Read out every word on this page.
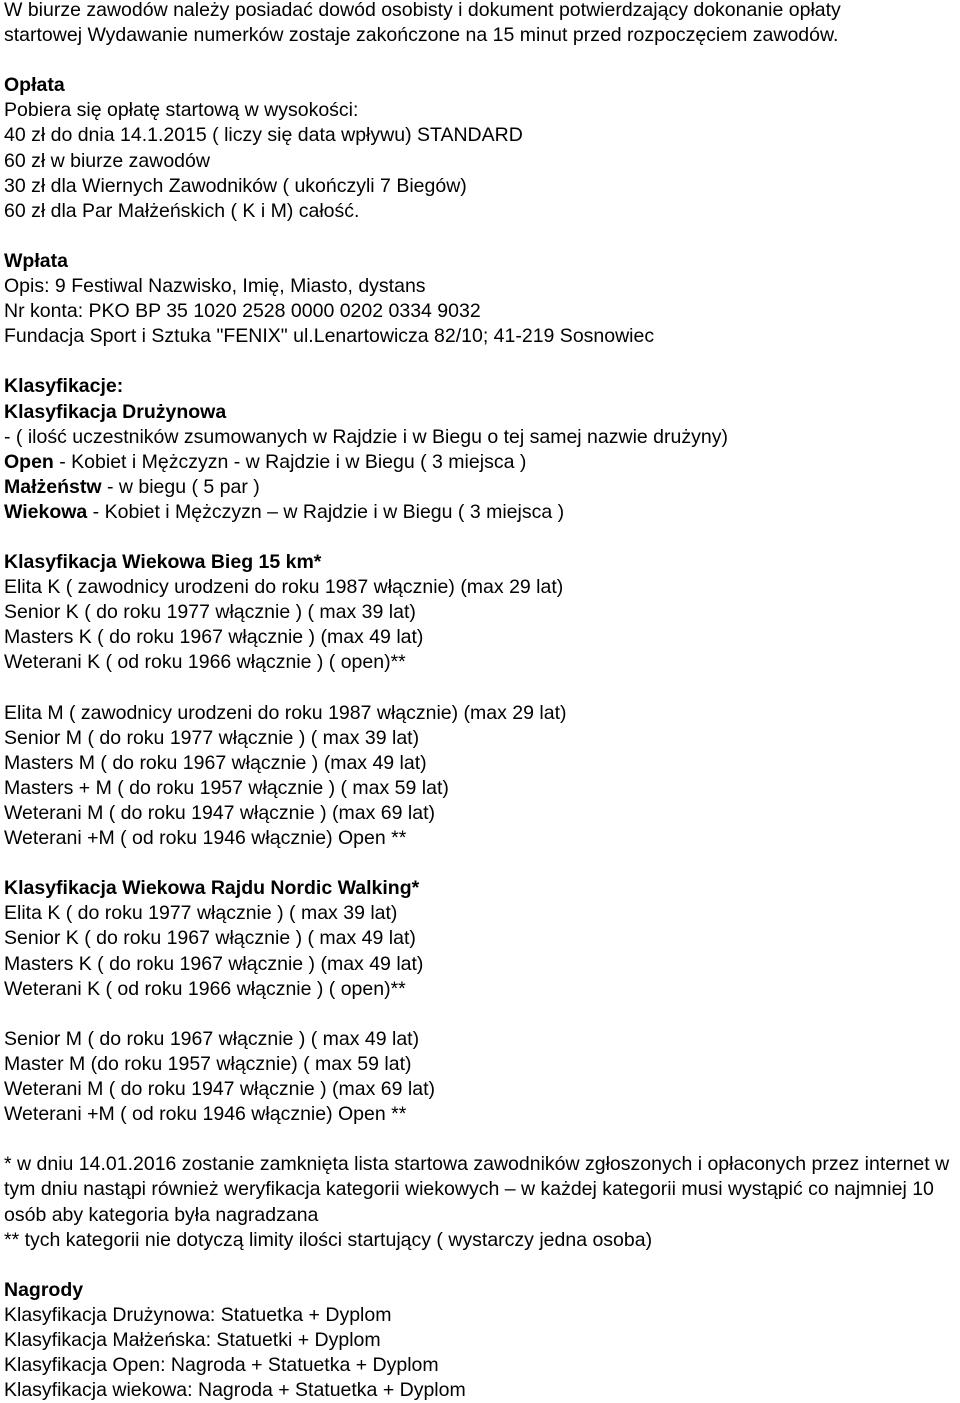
W biurze zawodów należy posiadać dowód osobisty i dokument potwierdzający dokonanie opłaty

startowej Wydawanie numerków zostaje zakończone na 15 minut przed rozpoczęciem zawodów.

Opłata

Pobiera się opłatę startową w wysokości:

40 zł do dnia 14.1.2015 ( liczy się data wpływu) STANDARD

60 zł w biurze zawodów

30 zł dla Wiernych Zawodników ( ukończyli 7 Biegów)

60 zł dla Par Małżeńskich ( K i M) całość.

Wpłata

Opis: 9 Festiwal Nazwisko, Imię, Miasto, dystans

Nr konta: PKO BP 35 1020 2528 0000 0202 0334 9032

Fundacja Sport i Sztuka "FENIX" ul.Lenartowicza 82/10; 41-219 Sosnowiec

Klasyfikacje:

Klasyfikacja Drużynowa

- ( ilość uczestników zsumowanych w Rajdzie i w Biegu o tej samej nazwie drużyny)

Open - Kobiet i Mężczyzn - w Rajdzie i w Biegu ( 3 miejsca )

Małżeństw - w biegu ( 5 par )

Wiekowa - Kobiet i Mężczyzn – w Rajdzie i w Biegu ( 3 miejsca )

Klasyfikacja Wiekowa Bieg 15 km*

Elita K ( zawodnicy urodzeni do roku 1987 włącznie) (max 29 lat)

Senior K ( do roku 1977 włącznie ) ( max 39 lat)

Masters K ( do roku 1967 włącznie ) (max 49 lat)

Weterani K ( od roku 1966 włącznie ) ( open)**

Elita M ( zawodnicy urodzeni do roku 1987 włącznie) (max 29 lat)

Senior M ( do roku 1977 włącznie ) ( max 39 lat)

Masters M ( do roku 1967 włącznie ) (max 49 lat)

Masters + M ( do roku 1957 włącznie ) ( max 59 lat)

Weterani M ( do roku 1947 włącznie ) (max 69 lat)

Weterani +M ( od roku 1946 włącznie) Open **

Klasyfikacja Wiekowa Rajdu Nordic Walking*

Elita K ( do roku 1977 włącznie ) ( max 39 lat)

Senior K ( do roku 1967 włącznie ) ( max 49 lat)

Masters K ( do roku 1967 włącznie ) (max 49 lat)

Weterani K ( od roku 1966 włącznie ) ( open)**

Senior M ( do roku 1967 włącznie ) ( max 49 lat)

Master M (do roku 1957 włącznie) ( max 59 lat)

Weterani M ( do roku 1947 włącznie ) (max 69 lat)

Weterani +M ( od roku 1946 włącznie) Open **

* w dniu 14.01.2016 zostanie zamknięta lista startowa zawodników zgłoszonych i opłaconych przez internet w tym dniu nastąpi również weryfikacja kategorii wiekowych – w każdej kategorii musi wystąpić co najmniej 10 osób aby kategoria była nagradzana

** tych kategorii nie dotyczą limity ilości startujący ( wystarczy jedna osoba)

Nagrody

Klasyfikacja Drużynowa: Statuetka + Dyplom

Klasyfikacja Małżeńska: Statuetki + Dyplom

Klasyfikacja Open: Nagroda + Statuetka + Dyplom

Klasyfikacja wiekowa: Nagroda + Statuetka + Dyplom
